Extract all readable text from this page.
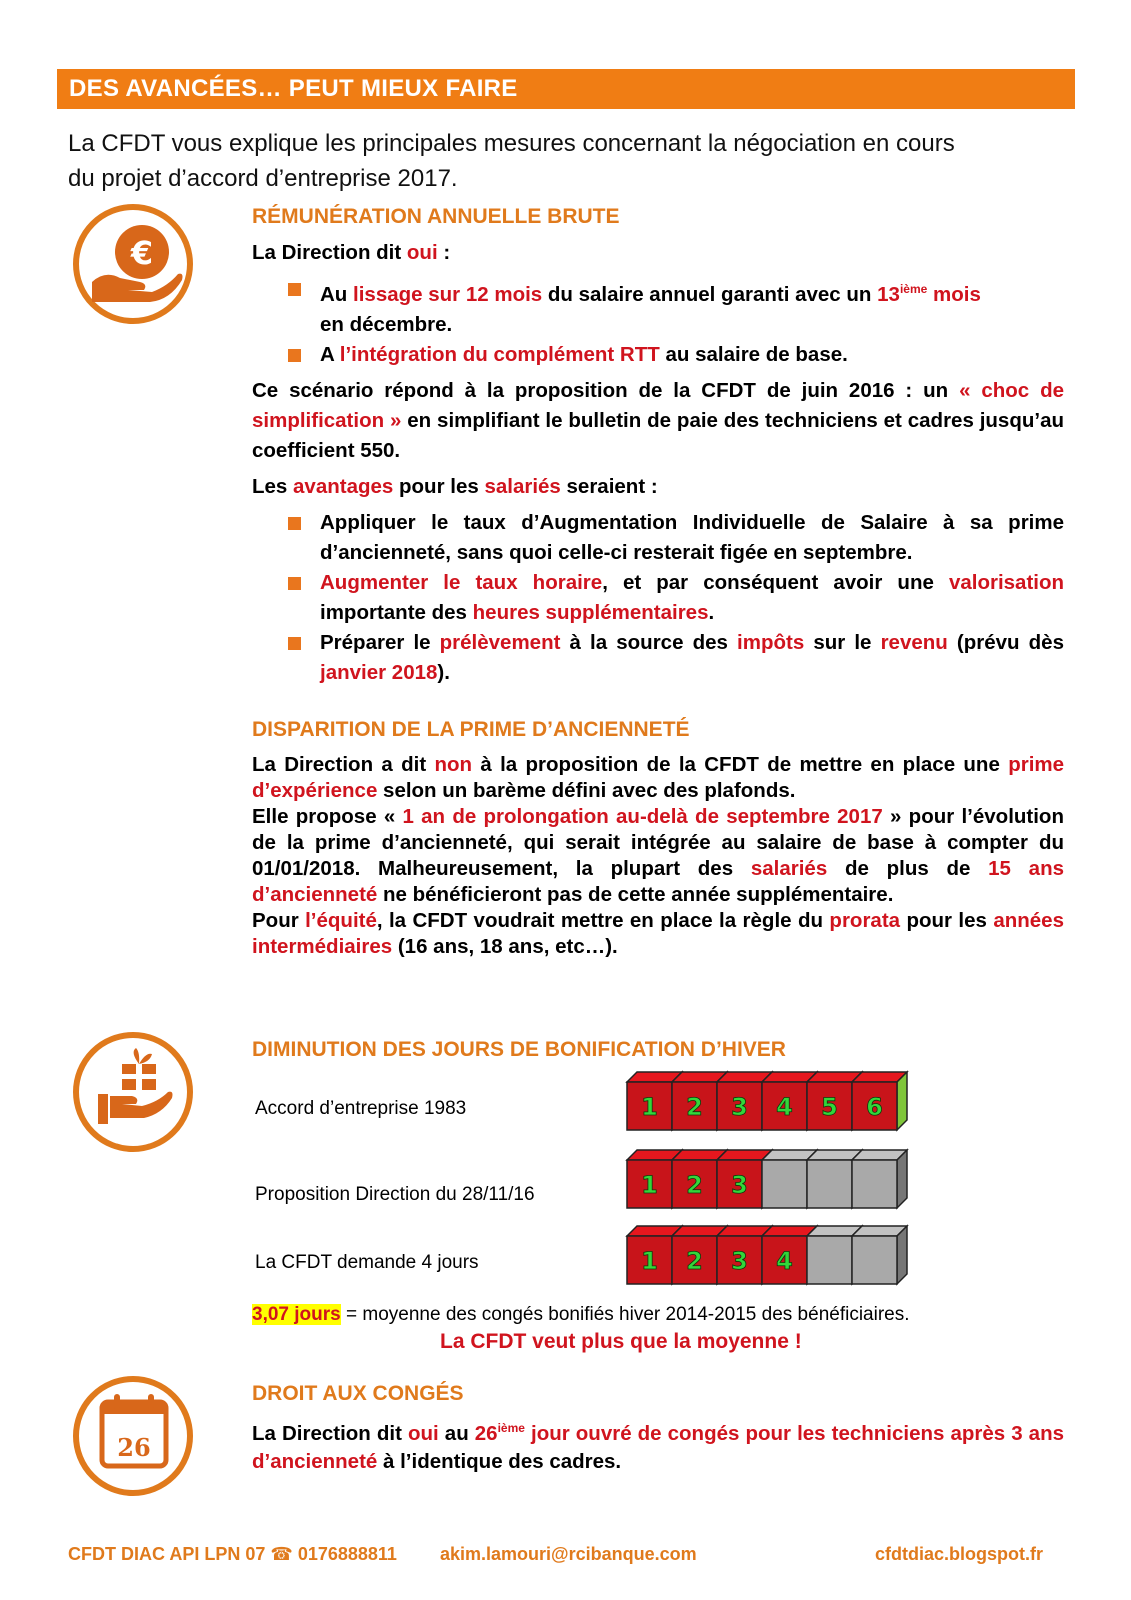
DES AVANCÉES… PEUT MIEUX FAIRE

La CFDT vous explique les principales mesures concernant la négociation en cours

du projet d’accord d’entreprise 2017.

€
RÉMUNÉRATION ANNUELLE BRUTE

La Direction dit oui :

Au lissage sur 12 mois du salaire annuel garanti avec un 13ième mois
en décembre.
A l’intégration du complément RTT au salaire de base.

Ce scénario répond à la proposition de la CFDT de juin 2016 : un « choc de simplification » en simplifiant le bulletin de paie des techniciens et cadres jusqu’au coefficient 550.

Les avantages pour les salariés seraient :

Appliquer le taux d’Augmentation Individuelle de Salaire à sa prime d’ancienneté, sans quoi celle-ci resterait figée en septembre.
Augmenter le taux horaire, et par conséquent avoir une valorisation importante des heures supplémentaires.
Préparer le prélèvement à la source des impôts sur le revenu (prévu dès janvier 2018).
DISPARITION DE LA PRIME D’ANCIENNETÉ
La Direction a dit non à la proposition de la CFDT de mettre en place une prime d’expérience selon un barème défini avec des plafonds.
Elle propose « 1 an de prolongation au-delà de septembre 2017 » pour l’évolution de la prime d’ancienneté, qui serait intégrée au salaire de base à compter du 01/01/2018. Malheureusement, la plupart des salariés de plus de 15 ans d’ancienneté ne bénéficieront pas de cette année supplémentaire.
Pour l’équité, la CFDT voudrait mettre en place la règle du prorata pour les années intermédiaires (16 ans, 18 ans, etc…).
DIMINUTION DES JOURS DE BONIFICATION D’HIVER
Accord d’entreprise 1983
Proposition Direction du 28/11/16
La CFDT demande 4 jours
1 2 3 4 5 6
1 2 3
1 2 3 4
3,07 jours = moyenne des congés bonifiés hiver 2014-2015 des bénéficiaires.
La CFDT veut plus que la moyenne !
26
DROIT AUX CONGÉS
La Direction dit oui au 26ième jour ouvré de congés pour les techniciens après 3 ans d’ancienneté à l’identique des cadres.
CFDT DIAC API LPN 07 ☎ 0176888811 akim.lamouri@rcibanque.com	cfdtdiac.blogspot.fr
